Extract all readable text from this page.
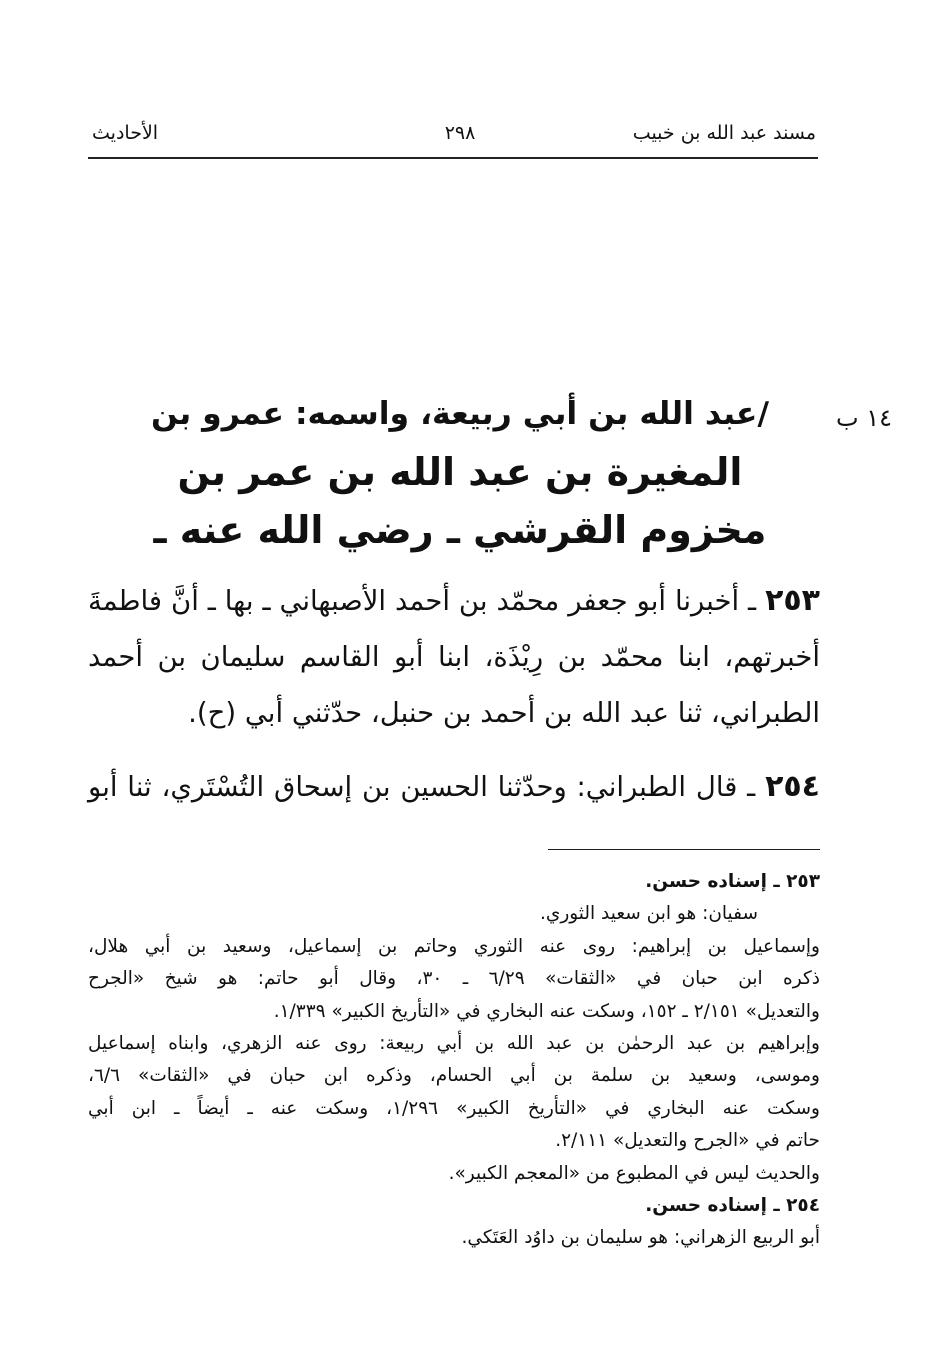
مسند عبد الله بن خبيب
٢٩٨
الأحاديث
١٤ ب
/عبد الله بن أبي ربيعة، واسمه: عمرو بن
المغيرة بن عبد الله بن عمر بن
مخزوم القرشي ـ رضي الله عنه ـ

٢٥٣ ـ أخبرنا أبو جعفر محمّد بن أحمد الأصبهاني ـ بها ـ أنَّ فاطمةَ
أخبرتهم، ابنا محمّد بن رِيْذَة، ابنا أبو القاسم سليمان بن أحمد
الطبراني، ثنا عبد الله بن أحمد بن حنبل، حدّثني أبي (ح).

٢٥٤ ـ قال الطبراني: وحدّثنا الحسين بن إسحاق التُسْتَري، ثنا أبو

٢٥٣ ـ إسناده حسن.
سفيان: هو ابن سعيد الثوري.
وإسماعيل بن إبراهيم: روى عنه الثوري وحاتم بن إسماعيل، وسعيد بن أبي هلال،
ذكره ابن حبان في «الثقات» ٦/٢٩ ـ ٣٠، وقال أبو حاتم: هو شيخ «الجرح
والتعديل» ٢/١٥١ ـ ١٥٢، وسكت عنه البخاري في «التأريخ الكبير» ١/٣٣٩.
وإبراهيم بن عبد الرحمٰن بن عبد الله بن أبي ربيعة: روى عنه الزهري، وابناه إسماعيل
وموسى، وسعيد بن سلمة بن أبي الحسام، وذكره ابن حبان في «الثقات» ٦/٦،
وسكت عنه البخاري في «التأريخ الكبير» ١/٢٩٦، وسكت عنه ـ أيضاً ـ ابن أبي
حاتم في «الجرح والتعديل» ٢/١١١.
والحديث ليس في المطبوع من «المعجم الكبير».
٢٥٤ ـ إسناده حسن.
أبو الربيع الزهراني: هو سليمان بن داوُد العَتَكي.
